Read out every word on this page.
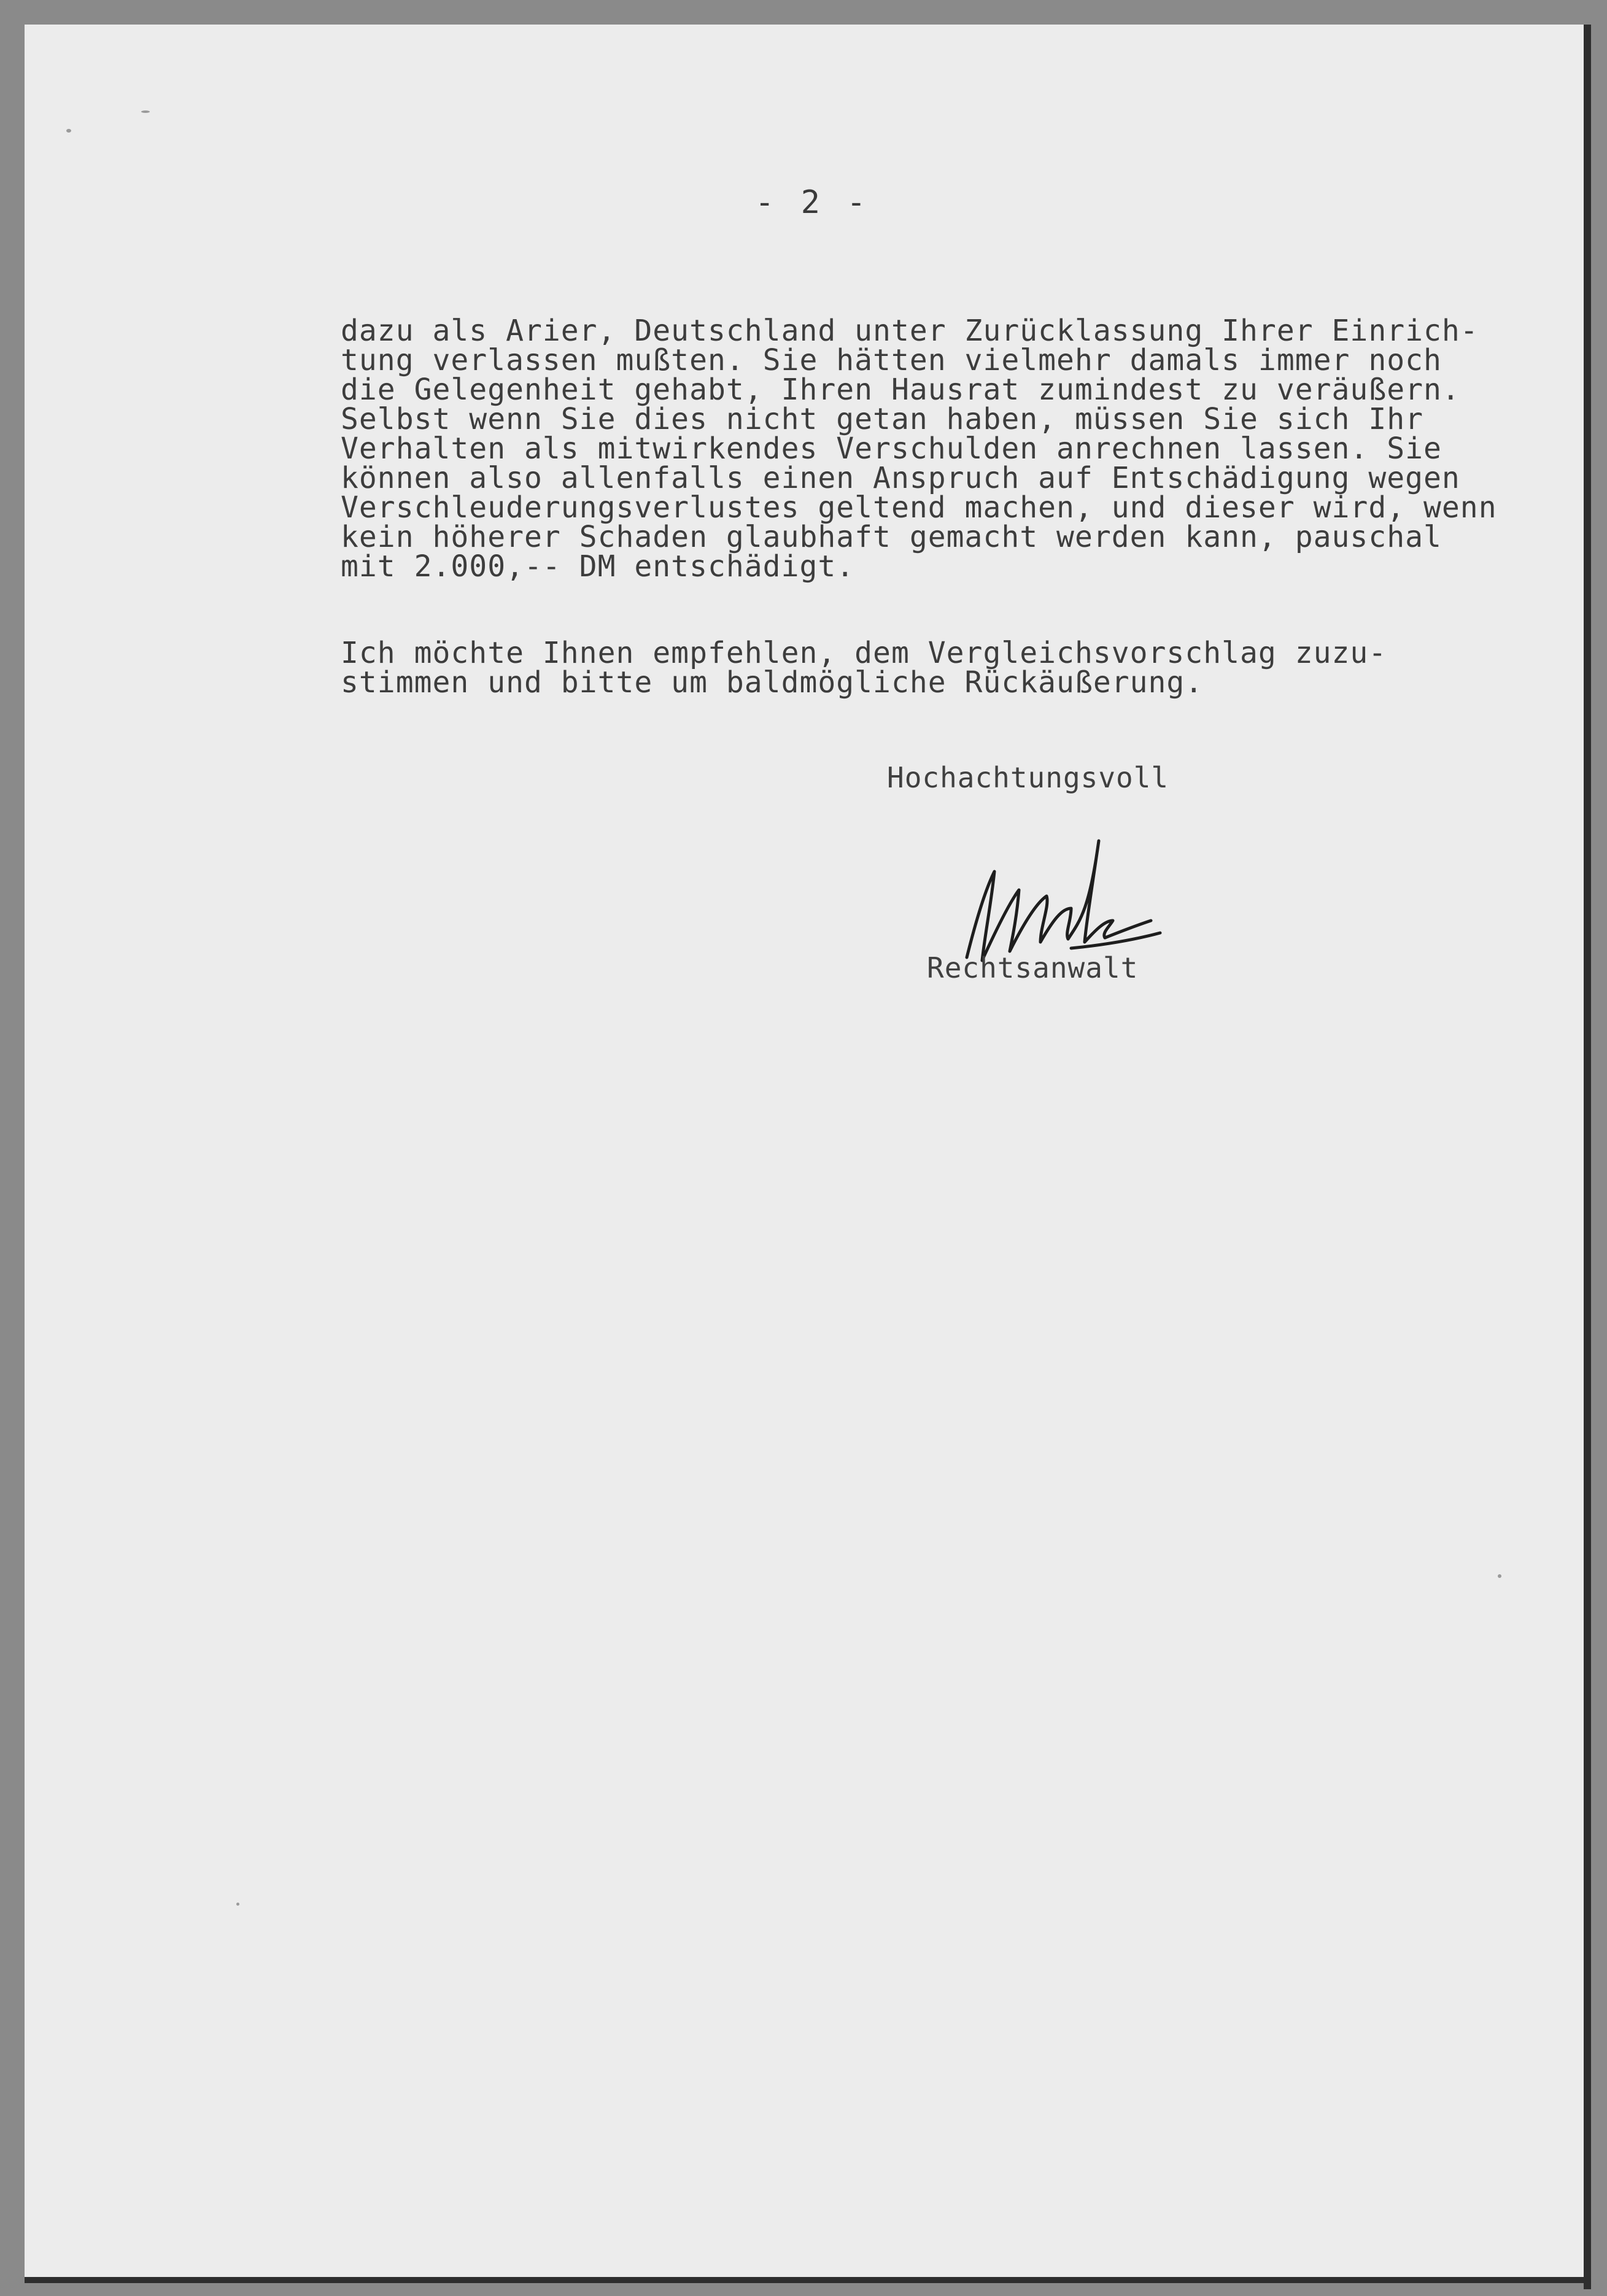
- 2 -
dazu als Arier, Deutschland unter Zurücklassung Ihrer Einrich-
tung verlassen mußten. Sie hätten vielmehr damals immer noch
die Gelegenheit gehabt, Ihren Hausrat zumindest zu veräußern.
Selbst wenn Sie dies nicht getan haben, müssen Sie sich Ihr
Verhalten als mitwirkendes Verschulden anrechnen lassen. Sie
können also allenfalls einen Anspruch auf Entschädigung wegen
Verschleuderungsverlustes geltend machen, und dieser wird, wenn
kein höherer Schaden glaubhaft gemacht werden kann, pauschal
mit 2.000,-- DM entschädigt.
Ich möchte Ihnen empfehlen, dem Vergleichsvorschlag zuzu-
stimmen und bitte um baldmögliche Rückäußerung.
Hochachtungsvoll
Rechtsanwalt
